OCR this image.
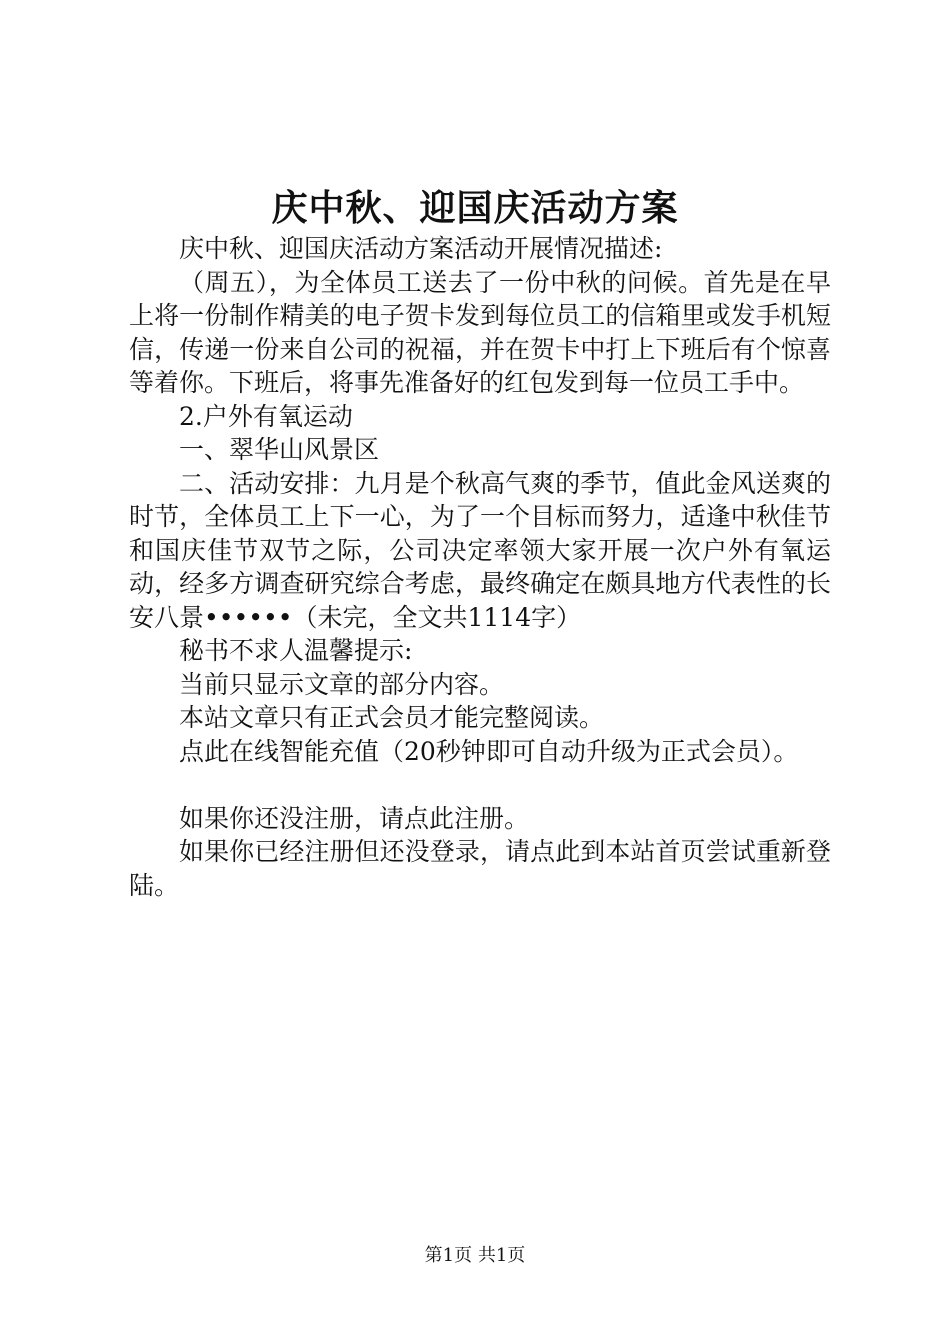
庆中秋、迎国庆活动方案

庆中秋、迎国庆活动方案活动开展情况描述:

（周五），为全体员工送去了一份中秋的问候。首先是在早上将一份制作精美的电子贺卡发到每位员工的信箱里或发手机短信，传递一份来自公司的祝福，并在贺卡中打上下班后有个惊喜等着你。下班后，将事先准备好的红包发到每一位员工手中。

2.户外有氧运动

一、翠华山风景区

二、活动安排：九月是个秋高气爽的季节，值此金风送爽的时节，全体员工上下一心，为了一个目标而努力，适逢中秋佳节和国庆佳节双节之际，公司决定率领大家开展一次户外有氧运动，经多方调查研究综合考虑，最终确定在颇具地方代表性的长安八景••••••（未完，全文共1114字）

秘书不求人温馨提示:

当前只显示文章的部分内容。

本站文章只有正式会员才能完整阅读。

点此在线智能充值（20秒钟即可自动升级为正式会员）。

如果你还没注册，请点此注册。

如果你已经注册但还没登录，请点此到本站首页尝试重新登陆。

第1页 共1页
